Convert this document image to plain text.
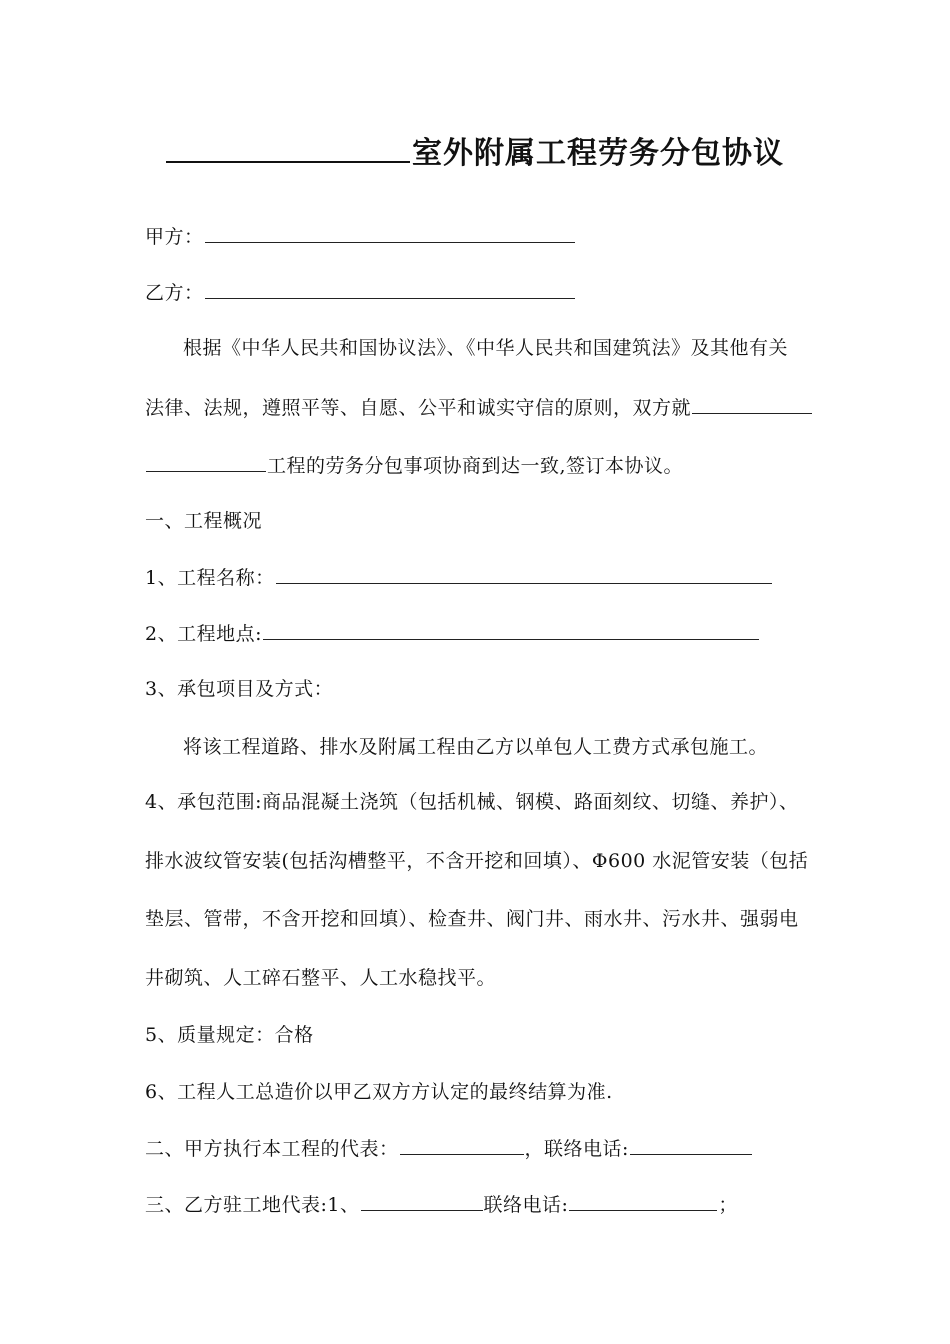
室外附属工程劳务分包协议
甲方：
乙方：
根据《中华人民共和国协议法》、《中华人民共和国建筑法》及其他有关
法律、法规，遵照平等、自愿、公平和诚实守信的原则，双方就
工程的劳务分包事项协商到达一致,签订本协议。
一、工程概况
1、工程名称：
2、工程地点:
3、承包项目及方式：
将该工程道路、排水及附属工程由乙方以单包人工费方式承包施工。
4、承包范围:商品混凝土浇筑（包括机械、钢模、路面刻纹、切缝、养护）、
排水波纹管安装(包括沟槽整平，不含开挖和回填）、Φ600 水泥管安装（包括
垫层、管带，不含开挖和回填）、检查井、阀门井、雨水井、污水井、强弱电
井砌筑、人工碎石整平、人工水稳找平。
5、质量规定：合格
6、工程人工总造价以甲乙双方方认定的最终结算为准.
二、甲方执行本工程的代表：	，联络电话:
三、乙方驻工地代表:1、	联络电话:	；
